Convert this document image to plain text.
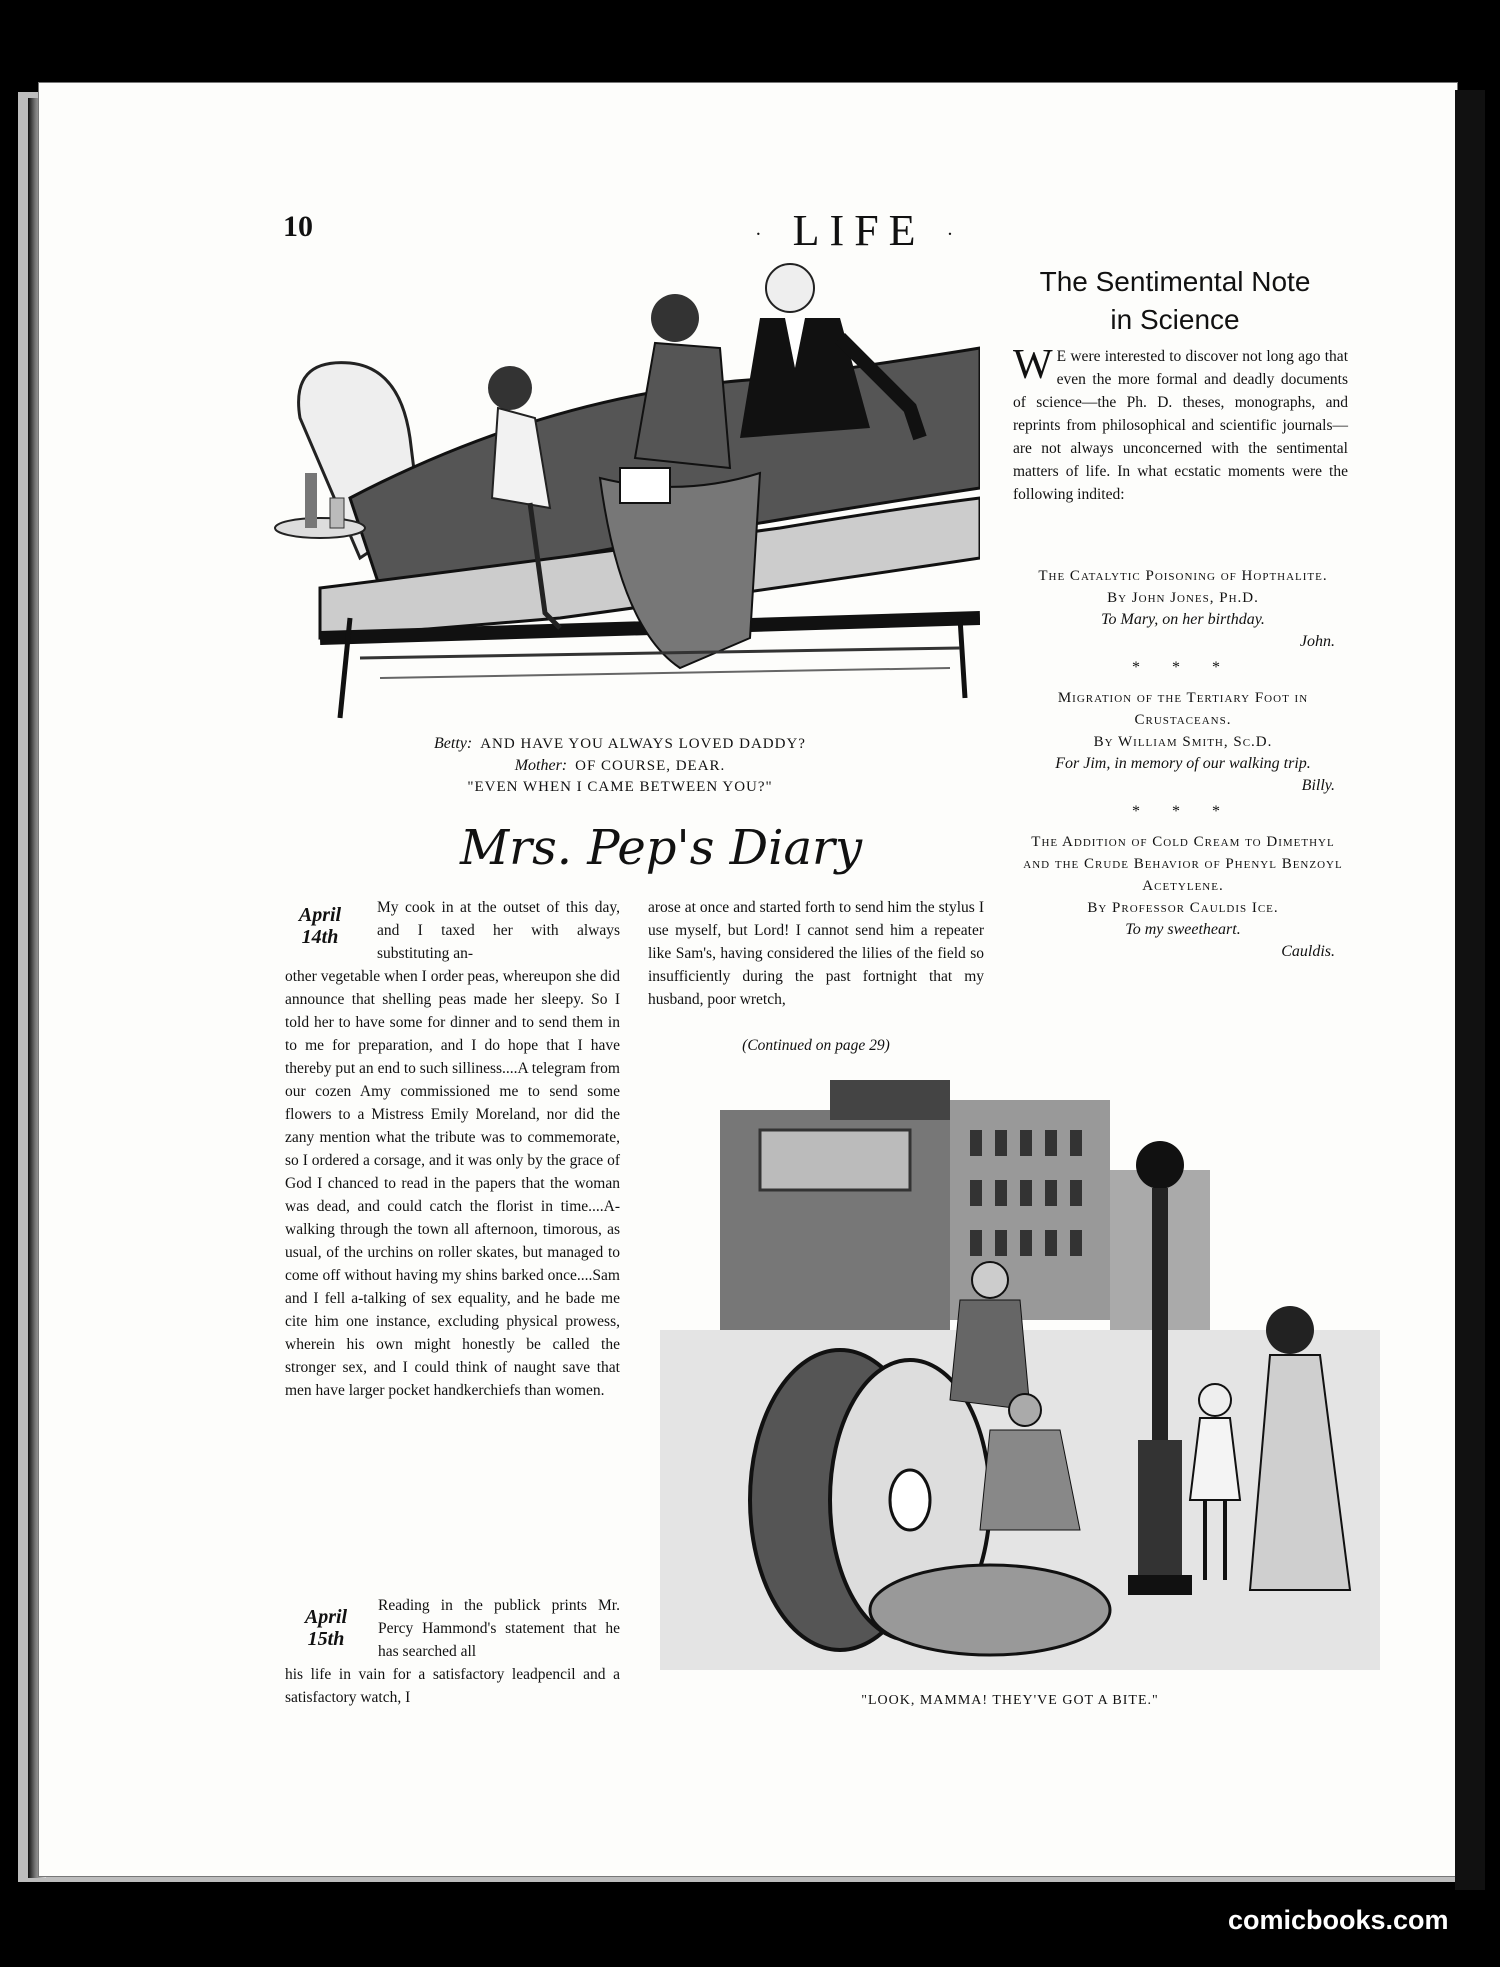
10	· LIFE ·
Betty: AND HAVE YOU ALWAYS LOVED DADDY?
Mother: OF COURSE, DEAR.
"EVEN WHEN I CAME BETWEEN YOU?"
Mrs. Pep's Diary
April
14th
My cook in at the outset of this day, and I taxed her with always substituting an-
other vegetable when I order peas, whereupon she did announce that shelling peas made her sleepy. So I told her to have some for dinner and to send them in to me for preparation, and I do hope that I have thereby put an end to such silliness....A telegram from our cozen Amy commissioned me to send some flowers to a Mistress Emily Moreland, nor did the zany mention what the tribute was to commemorate, so I ordered a corsage, and it was only by the grace of God I chanced to read in the papers that the woman was dead, and could catch the florist in time....A-walking through the town all afternoon, timorous, as usual, of the urchins on roller skates, but managed to come off without having my shins barked once....Sam and I fell a-talking of sex equality, and he bade me cite him one instance, excluding physical prowess, wherein his own might honestly be called the stronger sex, and I could think of naught save that men have larger pocket handkerchiefs than women.
April
15th
Reading in the publick prints Mr. Percy Hammond's statement that he has searched all
his life in vain for a satisfactory leadpencil and a satisfactory watch, I
arose at once and started forth to send him the stylus I use myself, but Lord! I cannot send him a repeater like Sam's, having considered the lilies of the field so insufficiently during the past fortnight that my husband, poor wretch,
(Continued on page 29)
"LOOK, MAMMA! THEY'VE GOT A BITE."
The Sentimental Note
in Science
W E were interested to discover not long ago that even the more formal and deadly documents of science—the Ph. D. theses, monographs, and reprints from philosophical and scientific journals—are not always unconcerned with the sentimental matters of life. In what ecstatic moments were the following indited:
The Catalytic Poisoning of Hopthalite.
By John Jones, Ph.D.
To Mary, on her birthday.
John.
* * *
Migration of the Tertiary Foot in Crustaceans.
By William Smith, Sc.D.
For Jim, in memory of our walking trip.
Billy.
* * *
The Addition of Cold Cream to Dimethyl and the Crude Behavior of Phenyl Benzoyl Acetylene.
By Professor Cauldis Ice.
To my sweetheart.
Cauldis.
comicbooks.com
